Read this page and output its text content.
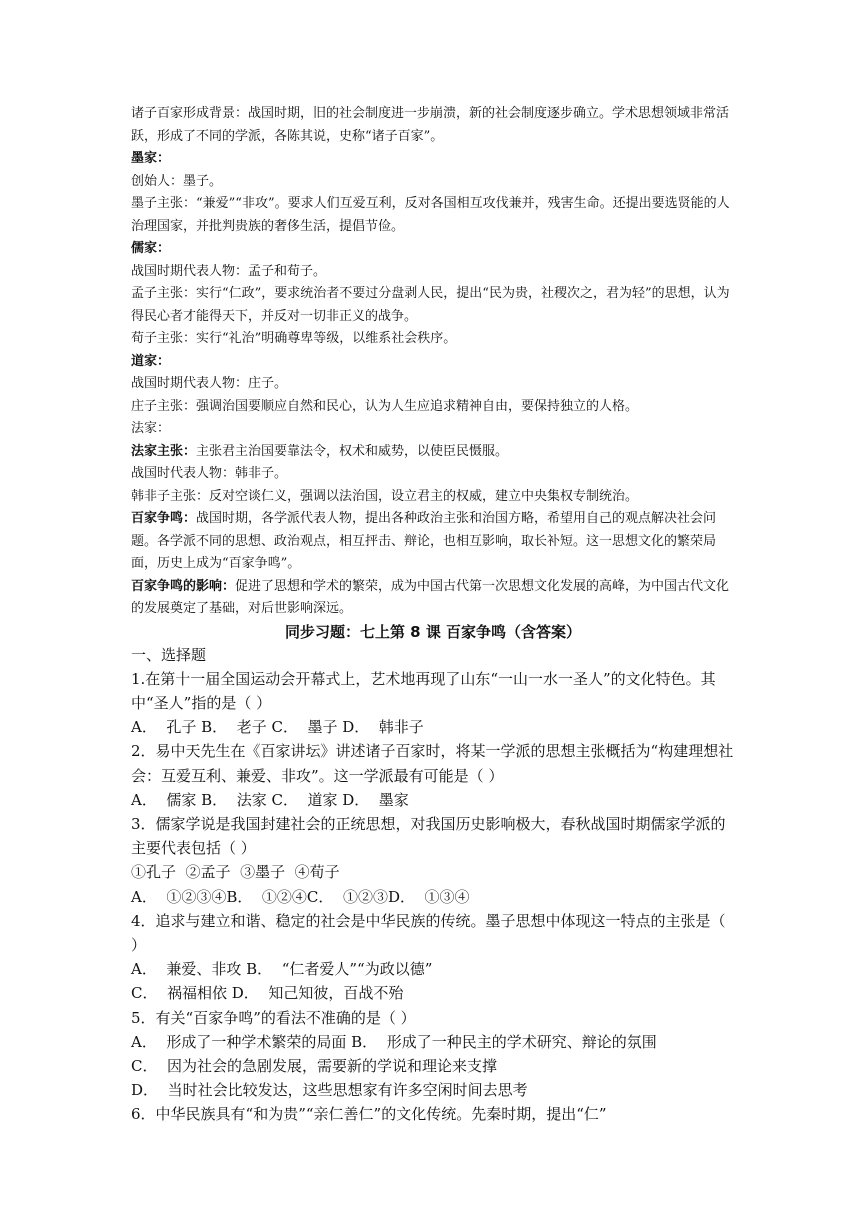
诸子百家形成背景：战国时期，旧的社会制度进一步崩溃，新的社会制度逐步确立。学术思想领域非常活跃，形成了不同的学派，各陈其说，史称“诸子百家”。

墨家：

创始人：墨子。

墨子主张：“兼爱”“非攻”。要求人们互爱互利，反对各国相互攻伐兼并，残害生命。还提出要选贤能的人治理国家，并批判贵族的奢侈生活，提倡节俭。

儒家：

战国时期代表人物：孟子和荀子。

孟子主张：实行“仁政”，要求统治者不要过分盘剥人民，提出“民为贵，社稷次之，君为轻”的思想，认为得民心者才能得天下，并反对一切非正义的战争。

荀子主张：实行“礼治”明确尊卑等级，以维系社会秩序。

道家：

战国时期代表人物：庄子。

庄子主张：强调治国要顺应自然和民心，认为人生应追求精神自由，要保持独立的人格。

法家：

法家主张：主张君主治国要靠法令，权术和威势，以使臣民慑服。

战国时代表人物：韩非子。

韩非子主张：反对空谈仁义，强调以法治国，设立君主的权威，建立中央集权专制统治。

百家争鸣：战国时期，各学派代表人物，提出各种政治主张和治国方略，希望用自己的观点解决社会问题。各学派不同的思想、政治观点，相互抨击、辩论，也相互影响，取长补短。这一思想文化的繁荣局面，历史上成为“百家争鸣”。

百家争鸣的影响：促进了思想和学术的繁荣，成为中国古代第一次思想文化发展的高峰，为中国古代文化的发展奠定了基础，对后世影响深远。

同步习题：七上第 8 课 百家争鸣（含答案）

一、选择题

1.在第十一届全国运动会开幕式上，艺术地再现了山东“一山一水一圣人”的文化特色。其中“圣人”指的是（ ）

A．  孔子 B．  老子 C．  墨子 D．  韩非子

2．易中天先生在《百家讲坛》讲述诸子百家时，将某一学派的思想主张概括为“构建理想社会：互爱互利、兼爱、非攻”。这一学派最有可能是（ ）

A．  儒家 B．  法家 C．  道家 D．  墨家

3．儒家学说是我国封建社会的正统思想，对我国历史影响极大，春秋战国时期儒家学派的主要代表包括（ ）

①孔子  ②孟子  ③墨子  ④荀子

A．  ①②③④B．  ①②④C．  ①②③D．  ①③④

4．追求与建立和谐、稳定的社会是中华民族的传统。墨子思想中体现这一特点的主张是（ ）

A．  兼爱、非攻 B．  “仁者爱人”“为政以德”

C．  祸福相依 D．  知己知彼，百战不殆

5．有关“百家争鸣”的看法不准确的是（ ）

A．  形成了一种学术繁荣的局面 B．  形成了一种民主的学术研究、辩论的氛围

C．  因为社会的急剧发展，需要新的学说和理论来支撑

D．  当时社会比较发达，这些思想家有许多空闲时间去思考

6．中华民族具有“和为贵”“亲仁善仁”的文化传统。先秦时期，提出“仁”
